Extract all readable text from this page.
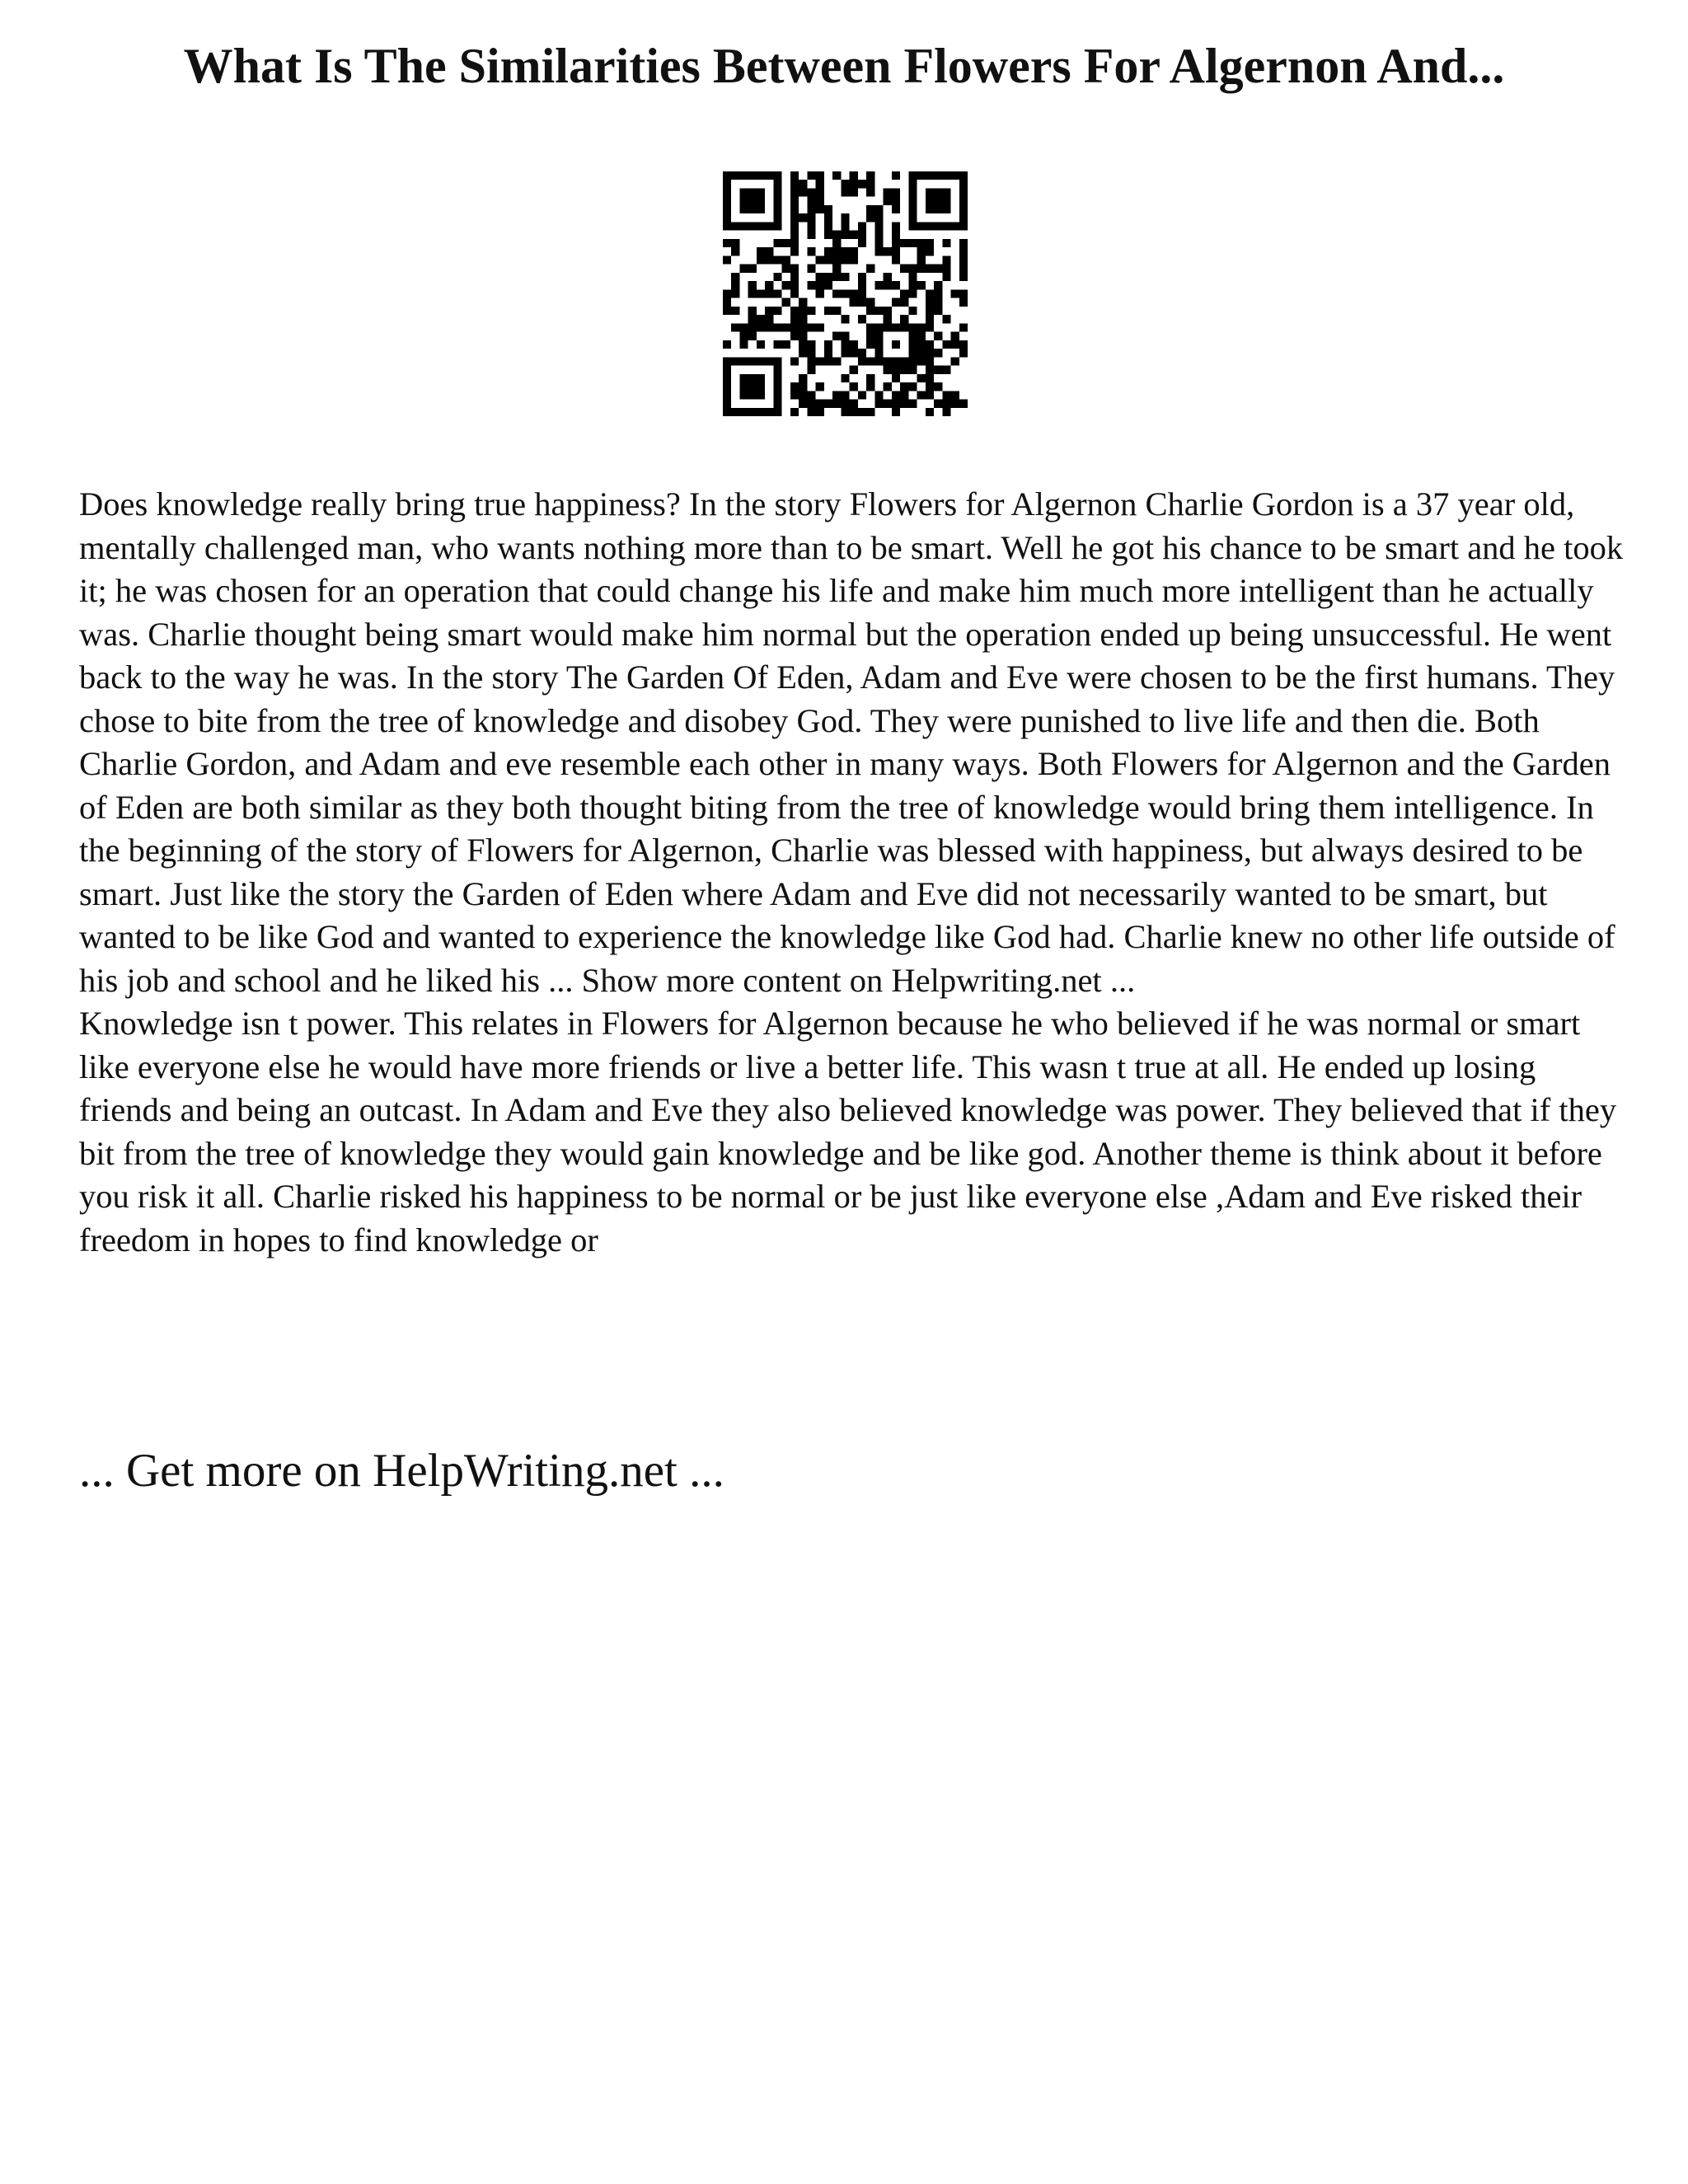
What Is The Similarities Between Flowers For Algernon And...

Does knowledge really bring true happiness? In the story Flowers for Algernon Charlie Gordon is a 37 year old, mentally challenged man, who wants nothing more than to be smart. Well he got his chance to be smart and he took it; he was chosen for an operation that could change his life and make him much more intelligent than he actually was. Charlie thought being smart would make him normal but the operation ended up being unsuccessful. He went back to the way he was. In the story The Garden Of Eden, Adam and Eve were chosen to be the first humans. They chose to bite from the tree of knowledge and disobey God. They were punished to live life and then die. Both Charlie Gordon, and Adam and eve resemble each other in many ways. Both Flowers for Algernon and the Garden of Eden are both similar as they both thought biting from the tree of knowledge would bring them intelligence. In the beginning of the story of Flowers for Algernon, Charlie was blessed with happiness, but always desired to be smart. Just like the story the Garden of Eden where Adam and Eve did not necessarily wanted to be smart, but wanted to be like God and wanted to experience the knowledge like God had. Charlie knew no other life outside of his job and school and he liked his ... Show more content on Helpwriting.net ...

Knowledge isn t power. This relates in Flowers for Algernon because he who believed if he was normal or smart like everyone else he would have more friends or live a better life. This wasn t true at all. He ended up losing friends and being an outcast. In Adam and Eve they also believed knowledge was power. They believed that if they bit from the tree of knowledge they would gain knowledge and be like god. Another theme is think about it before you risk it all. Charlie risked his happiness to be normal or be just like everyone else ,Adam and Eve risked their freedom in hopes to find knowledge or

... Get more on HelpWriting.net ...
